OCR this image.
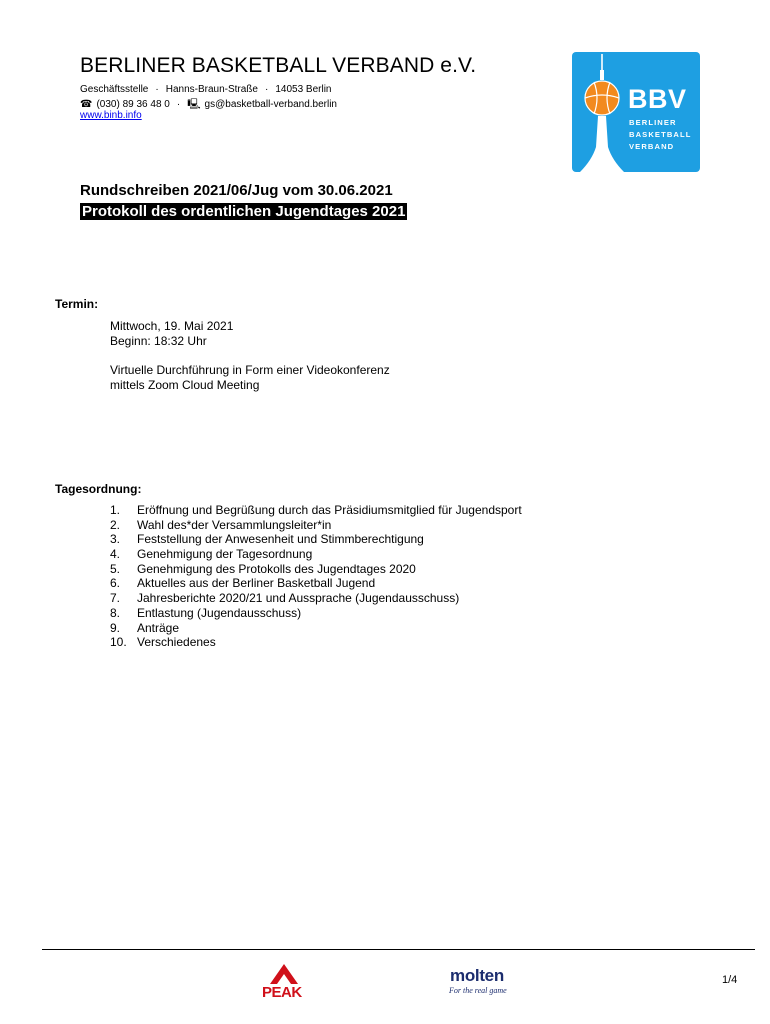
BERLINER BASKETBALL VERBAND e.V.
Geschäftsstelle · Hanns-Braun-Straße · 14053 Berlin
☎ (030) 89 36 48 0 · 🖳 gs@basketball-verband.berlin
www.binb.info
BBV
BERLINER
BASKETBALL
VERBAND
Rundschreiben 2021/06/Jug vom 30.06.2021
Protokoll des ordentlichen Jugendtages 2021
Termin:
Mittwoch, 19. Mai 2021
Beginn: 18:32 Uhr
Virtuelle Durchführung in Form einer Videokonferenz
mittels Zoom Cloud Meeting
Tagesordnung:
1.	Eröffnung und Begrüßung durch das Präsidiumsmitglied für Jugendsport
2.	Wahl des*der Versammlungsleiter*in
3.	Feststellung der Anwesenheit und Stimmberechtigung
4.	Genehmigung der Tagesordnung
5.	Genehmigung des Protokolls des Jugendtages 2020
6.	Aktuelles aus der Berliner Basketball Jugend
7.	Jahresberichte 2020/21 und Aussprache (Jugendausschuss)
8.	Entlastung (Jugendausschuss)
9.	Anträge
10. Verschiedenes
PEAK
molten
For the real game
1/4
